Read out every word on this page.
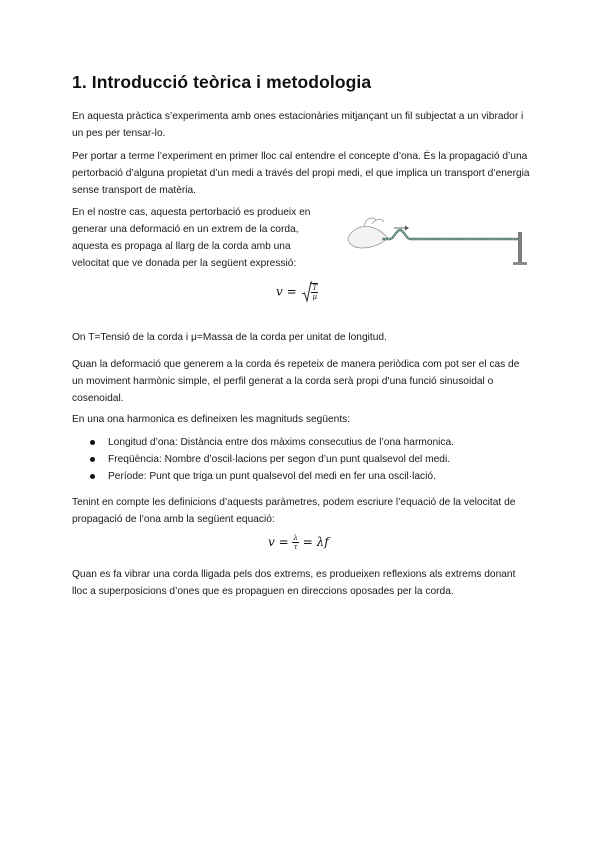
1. Introducció teòrica i metodologia

En aquesta pràctica s’experimenta amb ones estacionàries mitjançant un fil subjectat a un vibrador i un pes per tensar-lo.

Per portar a terme l’experiment en primer lloc cal entendre el concepte d’ona. És la propagació d’una pertorbació d’alguna propietat d’un medi a través del propi medi, el que implica un transport d’energia sense transport de matèria.

En el nostre cas, aquesta pertorbació es produeix en generar una deformació en un extrem de la corda, aquesta es propaga al llarg de la corda amb una velocitat que ve donada per la següent expressió:

$v = \frac{T}{\mu}$

On T=Tensió de la corda i μ=Massa de la corda per unitat de longitud.

Quan la deformació que generem a la corda és repeteix de manera periòdica com pot ser el cas de un moviment harmònic simple, el perfil generat a la corda serà propi d’una funció sinusoidal o cosenoidal.

En una ona harmonica es defineixen les magnituds següents:

Longitud d’ona: Distància entre dos màxims consecutius de l’ona harmonica.
Freqüència: Nombre d’oscil·lacions per segon d’un punt qualsevol del medi.
Període: Punt que triga un punt qualsevol del medi en fer una oscil·lació.

Tenint en compte les definicions d’aquests paràmetres, podem escriure l’equació de la velocitat de propagació de l’ona amb la següent equació:

$v = \frac{\lambda}{\tau} = \lambda f$

Quan es fa vibrar una corda lligada pels dos extrems, es produeixen reflexions als extrems donant lloc a superposicions d’ones que es propaguen en direccions oposades per la corda.
